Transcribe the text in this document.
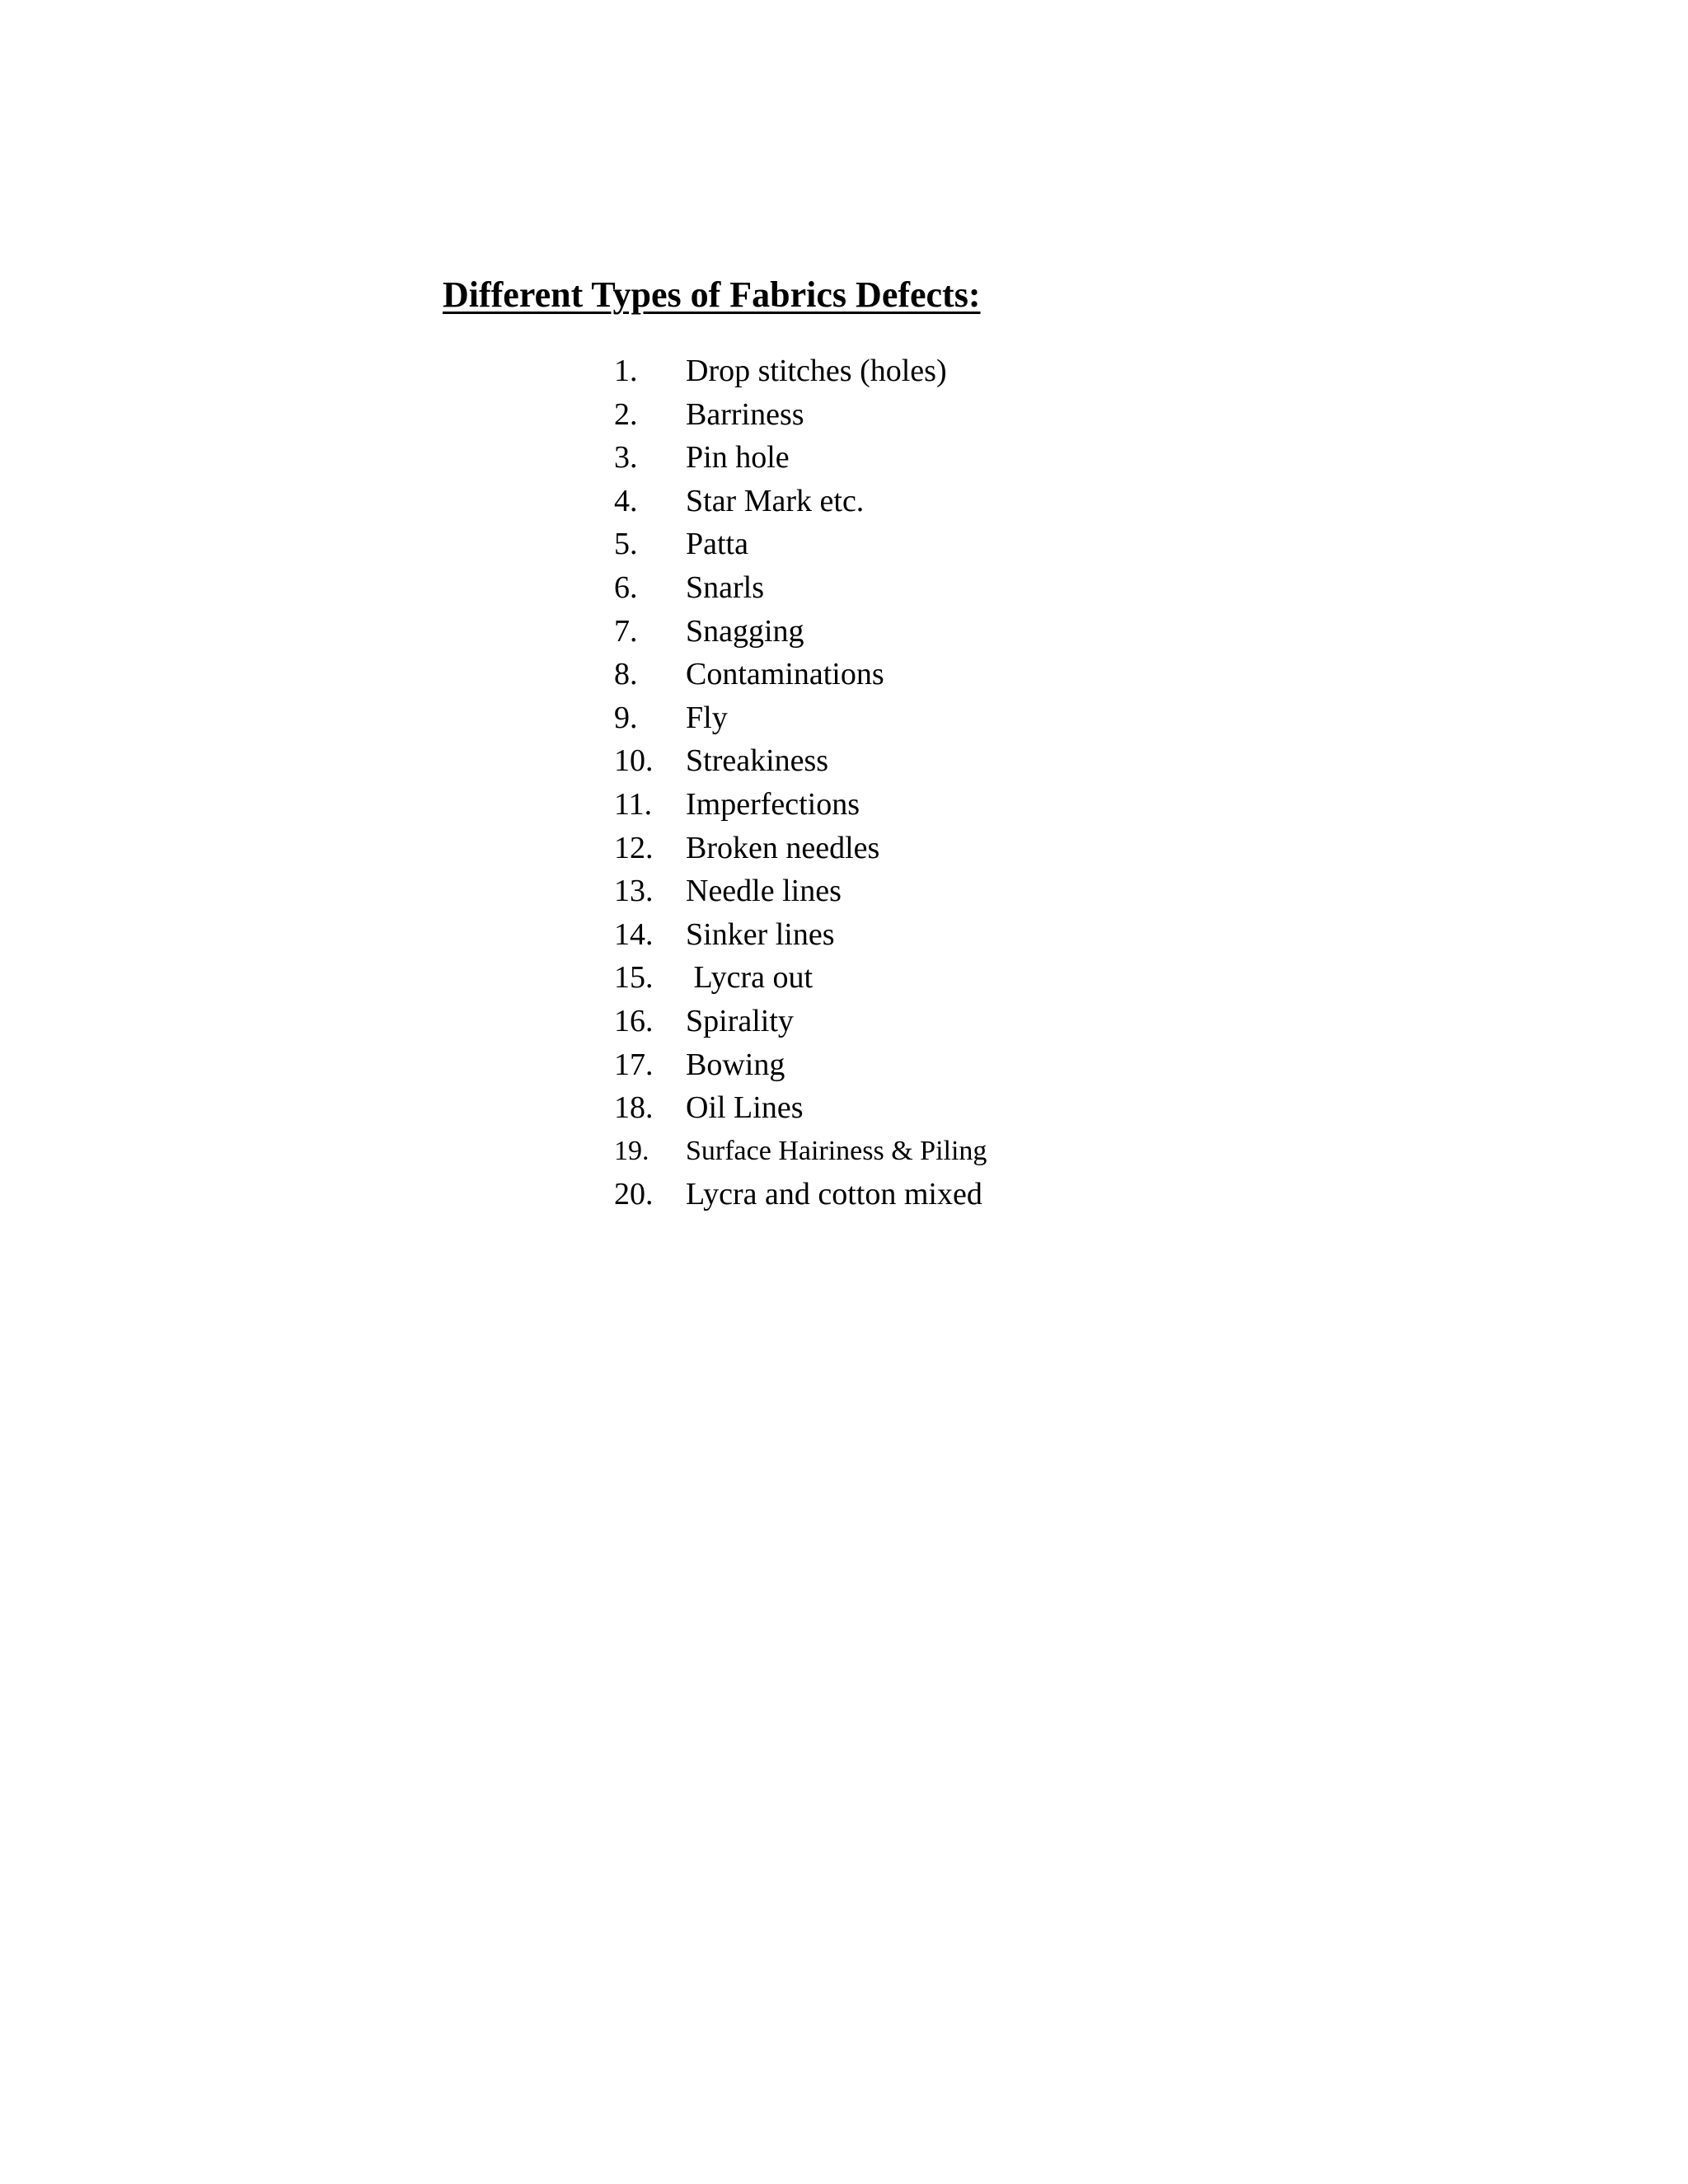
Different Types of Fabrics Defects:
1. Drop stitches (holes)
2. Barriness
3. Pin hole
4. Star Mark etc.
5. Patta
6. Snarls
7. Snagging
8. Contaminations
9. Fly
10. Streakiness
11. Imperfections
12. Broken needles
13. Needle lines
14. Sinker lines
15. Lycra out
16. Spirality
17. Bowing
18. Oil Lines
19. Surface Hairiness & Piling
20. Lycra and cotton mixed
